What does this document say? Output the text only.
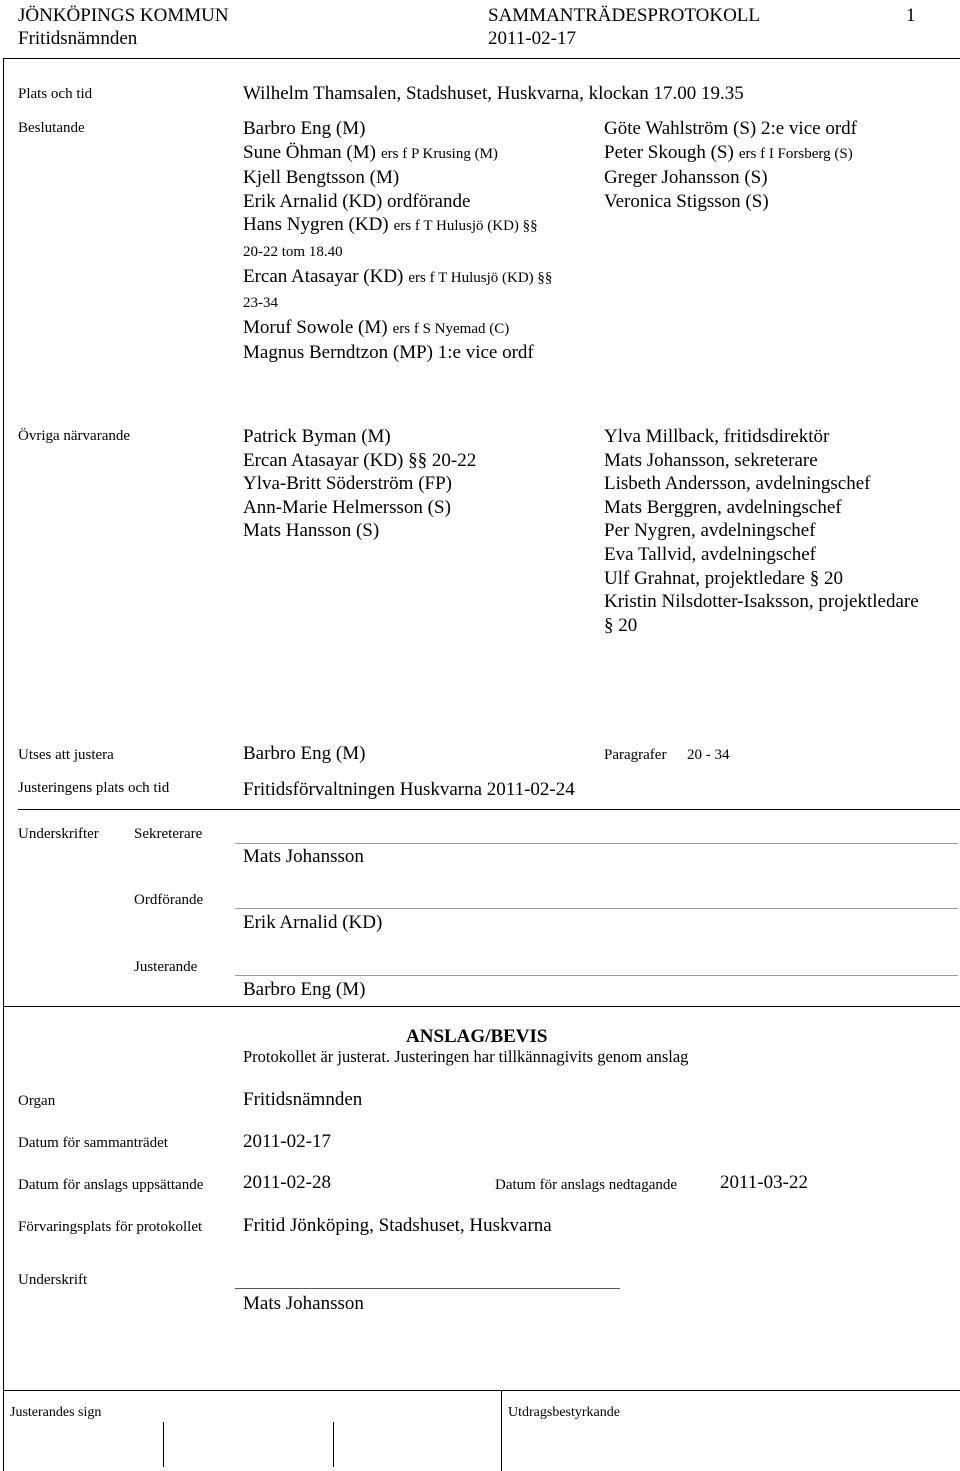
JÖNKÖPINGS KOMMUN
Fritidsnämnden
SAMMANTRÄDESPROTOKOLL
2011-02-17
1
Plats och tid	Wilhelm Thamsalen, Stadshuset, Huskvarna, klockan 17.00 19.35
Beslutande	Barbro Eng (M)
Sune Öhman (M) ers f P Krusing (M)
Kjell Bengtsson (M)
Erik Arnalid (KD) ordförande
Hans Nygren (KD) ers f T Hulusjö (KD) §§
20-22 tom 18.40
Ercan Atasayar (KD) ers f T Hulusjö (KD) §§
23-34
Moruf Sowole (M) ers f S Nyemad (C)
Magnus Berndtzon (MP) 1:e vice ordf
Göte Wahlström (S) 2:e vice ordf
Peter Skough (S) ers f I Forsberg (S)
Greger Johansson (S)
Veronica Stigsson (S)
Övriga närvarande	Patrick Byman (M)
Ercan Atasayar (KD) §§ 20-22
Ylva-Britt Söderström (FP)
Ann-Marie Helmersson (S)
Mats Hansson (S)
Ylva Millback, fritidsdirektör
Mats Johansson, sekreterare
Lisbeth Andersson, avdelningschef
Mats Berggren, avdelningschef
Per Nygren, avdelningschef
Eva Tallvid, avdelningschef
Ulf Grahnat, projektledare § 20
Kristin Nilsdotter-Isaksson, projektledare
§ 20
Utses att justera	Barbro Eng (M)	Paragrafer 20 - 34
Justeringens plats och tid	Fritidsförvaltningen Huskvarna 2011-02-24
Underskrifter Sekreterare
Mats Johansson
Ordförande
Erik Arnalid (KD)
Justerande
Barbro Eng (M)
ANSLAG/BEVIS
Protokollet är justerat. Justeringen har tillkännagivits genom anslag
Organ	Fritidsnämnden
Datum för sammanträdet	2011-02-17
Datum för anslags uppsättande 2011-02-28	Datum för anslags nedtagande 2011-03-22
Förvaringsplats för protokollet Fritid Jönköping, Stadshuset, Huskvarna
Underskrift
Mats Johansson
Justerandes sign	Utdragsbestyrkande
